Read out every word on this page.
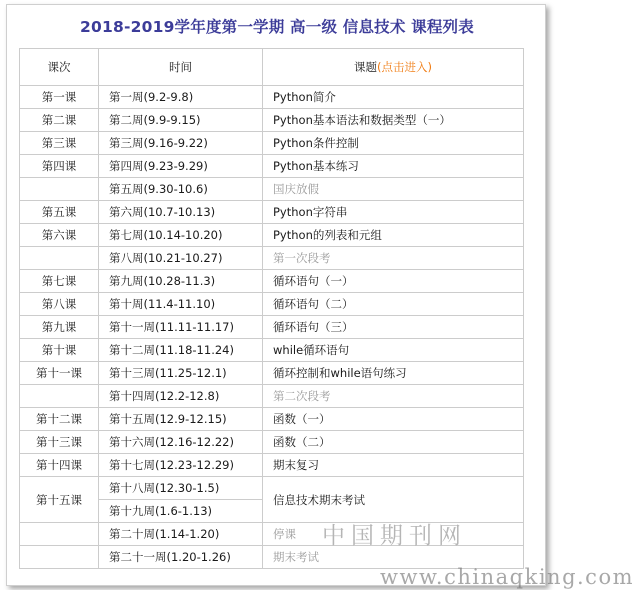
2018-2019学年度第一学期 高一级 信息技术 课程列表
课次	时间	课题(点击进入)
第一课	第一周(9.2-9.8)	Python简介
第二课	第二周(9.9-9.15)	Python基本语法和数据类型（一）
第三课	第三周(9.16-9.22)	Python条件控制
第四课	第四周(9.23-9.29)	Python基本练习
	第五周(9.30-10.6)	国庆放假
第五课	第六周(10.7-10.13)	Python字符串
第六课	第七周(10.14-10.20)	Python的列表和元组
	第八周(10.21-10.27)	第一次段考
第七课	第九周(10.28-11.3)	循环语句（一）
第八课	第十周(11.4-11.10)	循环语句（二）
第九课	第十一周(11.11-11.17)	循环语句（三）
第十课	第十二周(11.18-11.24)	while循环语句
第十一课	第十三周(11.25-12.1)	循环控制和while语句练习
	第十四周(12.2-12.8)	第二次段考
第十二课	第十五周(12.9-12.15)	函数（一）
第十三课	第十六周(12.16-12.22)	函数（二）
第十四课	第十七周(12.23-12.29)	期末复习
第十五课	第十八周(12.30-1.5)	信息技术期末考试
	第十九周(1.6-1.13)	
	第二十周(1.14-1.20)	停课
	第二十一周(1.20-1.26)	期末考试
中国期刊网
www.chinaqking.com
